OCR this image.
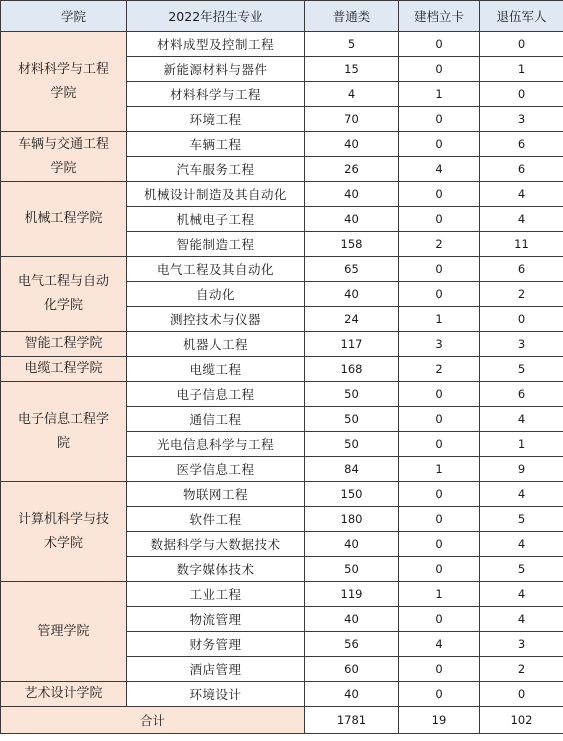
学院	2022年招生专业	普通类	建档立卡	退伍军人
材料科学与工程学院	材料成型及控制工程	5	0	0
	新能源材料与器件	15	0	1
	材料科学与工程	4	1	0
	环境工程	70	0	3
车辆与交通工程学院	车辆工程	40	0	6
	汽车服务工程	26	4	6
机械工程学院	机械设计制造及其自动化	40	0	4
	机械电子工程	40	0	4
	智能制造工程	158	2	11
电气工程与自动化学院	电气工程及其自动化	65	0	6
	自动化	40	0	2
	测控技术与仪器	24	1	0
智能工程学院	机器人工程	117	3	3
电缆工程学院	电缆工程	168	2	5
电子信息工程学院	电子信息工程	50	0	6
	通信工程	50	0	4
	光电信息科学与工程	50	0	1
	医学信息工程	84	1	9
计算机科学与技术学院	物联网工程	150	0	4
	软件工程	180	0	5
	数据科学与大数据技术	40	0	4
	数字媒体技术	50	0	5
管理学院	工业工程	119	1	4
	物流管理	40	0	4
	财务管理	56	4	3
	酒店管理	60	0	2
艺术设计学院	环境设计	40	0	0
合计		1781	19	102
